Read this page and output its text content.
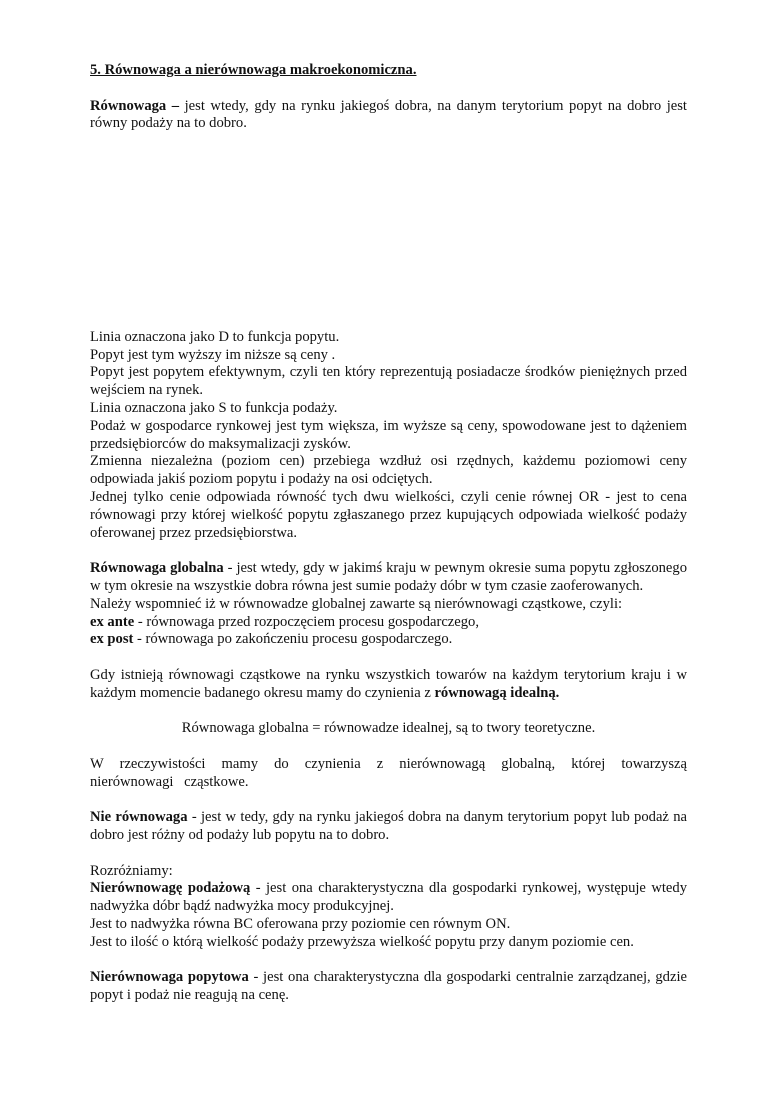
5. Równowaga a nierównowaga makroekonomiczna.

Równowaga – jest wtedy, gdy na rynku jakiegoś dobra, na danym terytorium popyt na dobro jest równy podaży na to dobro.

Linia oznaczona jako D to funkcja popytu.

Popyt jest tym wyższy im niższe są ceny .

Popyt jest popytem efektywnym, czyli ten który reprezentują posiadacze środków pieniężnych przed wejściem na rynek.

Linia oznaczona jako S to funkcja podaży.

Podaż w gospodarce rynkowej jest tym większa, im wyższe są ceny, spowodowane jest to dążeniem przedsiębiorców do maksymalizacji zysków.

Zmienna niezależna (poziom cen) przebiega wzdłuż osi rzędnych, każdemu poziomowi ceny odpowiada jakiś poziom popytu i podaży na osi odciętych.

Jednej tylko cenie odpowiada równość tych dwu wielkości, czyli cenie równej OR - jest to cena równowagi przy której wielkość popytu zgłaszanego przez kupujących odpowiada wielkość podaży oferowanej przez przedsiębiorstwa.

Równowaga globalna - jest wtedy, gdy w jakimś kraju w pewnym okresie suma popytu zgłoszonego w tym okresie na wszystkie dobra równa jest sumie podaży dóbr w tym czasie zaoferowanych.

Należy wspomnieć iż w równowadze globalnej zawarte są nierównowagi cząstkowe, czyli:

ex ante - równowaga przed rozpoczęciem procesu gospodarczego,

ex post - równowaga po zakończeniu procesu gospodarczego.

Gdy istnieją równowagi cząstkowe na rynku wszystkich towarów na każdym terytorium kraju i w każdym momencie badanego okresu mamy do czynienia z równowagą idealną.

Równowaga globalna = równowadze idealnej, są to twory teoretyczne.

W rzeczywistości mamy do czynienia z nierównowagą globalną, której towarzyszą nierównowagi cząstkowe.

Nie równowaga - jest w tedy, gdy na rynku jakiegoś dobra na danym terytorium popyt lub podaż na dobro jest różny od podaży lub popytu na to dobro.

Rozróżniamy:

Nierównowagę podażową - jest ona charakterystyczna dla gospodarki rynkowej, występuje wtedy nadwyżka dóbr bądź nadwyżka mocy produkcyjnej.

Jest to nadwyżka równa BC oferowana przy poziomie cen równym ON.

Jest to ilość o którą wielkość podaży przewyższa wielkość popytu przy danym poziomie cen.

Nierównowaga popytowa - jest ona charakterystyczna dla gospodarki centralnie zarządzanej, gdzie popyt i podaż nie reagują na cenę.
